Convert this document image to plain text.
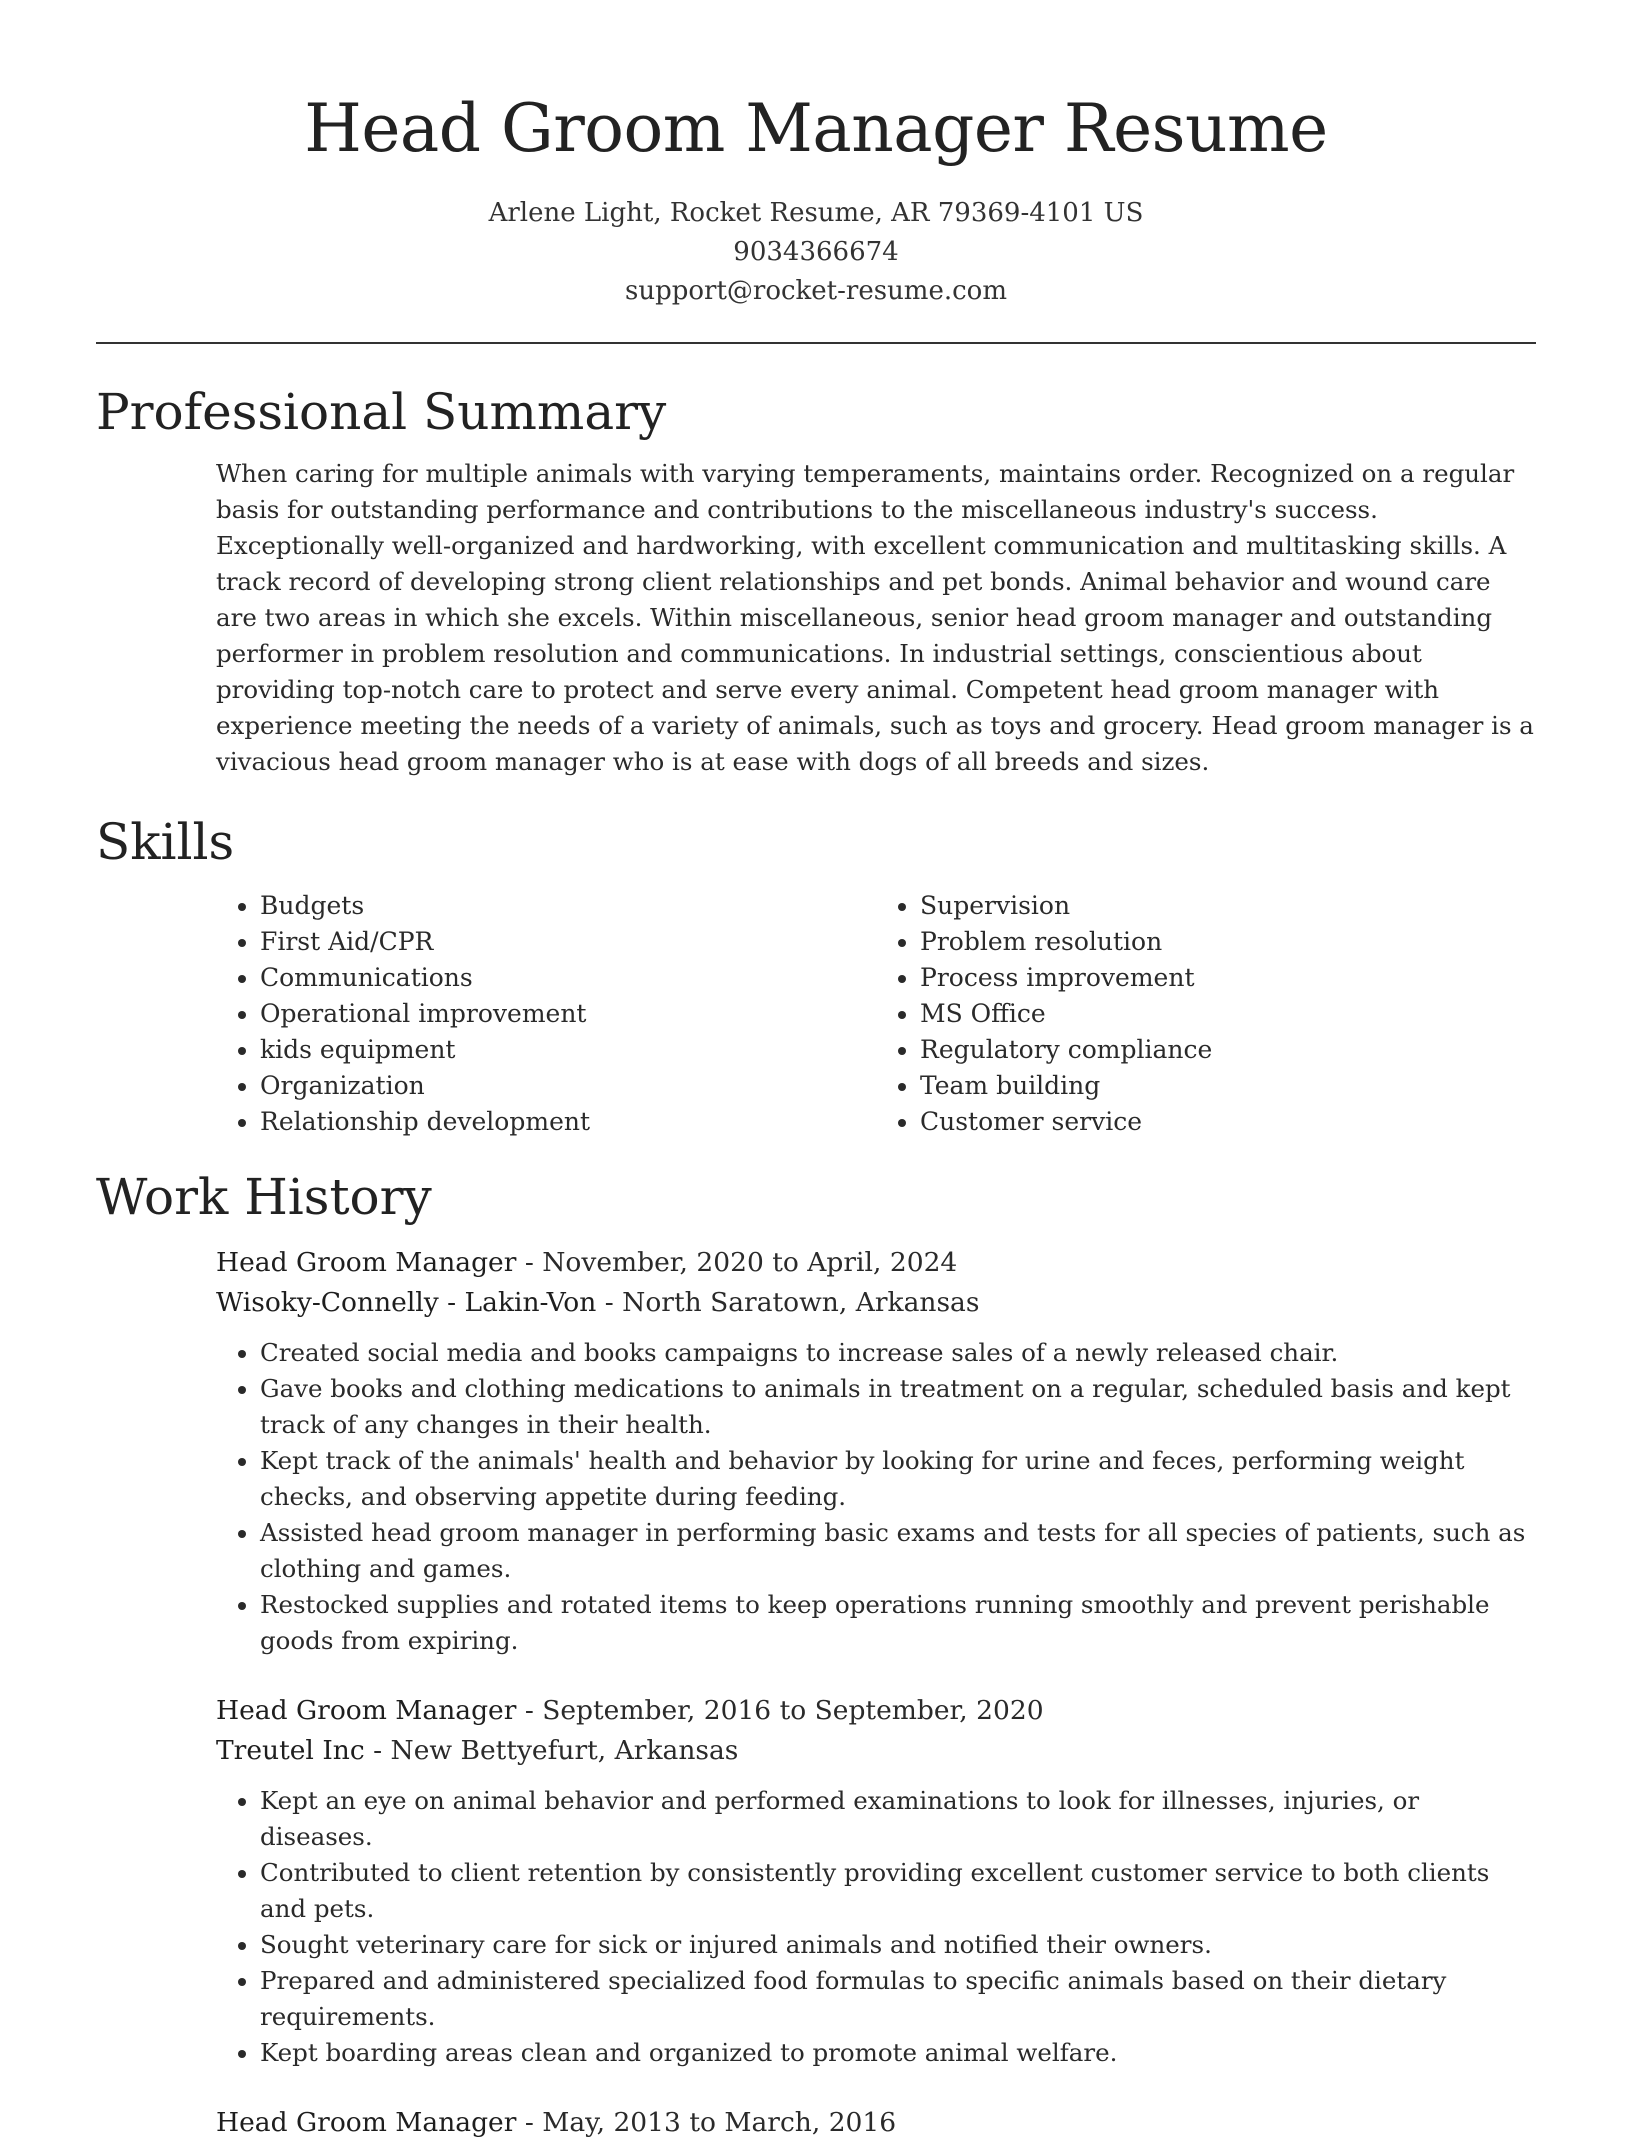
Head Groom Manager Resume
Arlene Light, Rocket Resume, AR 79369-4101 US
9034366674
support@rocket-resume.com
Professional Summary

When caring for multiple animals with varying temperaments, maintains order. Recognized on a regular basis for outstanding performance and contributions to the miscellaneous industry's success. Exceptionally well-organized and hardworking, with excellent communication and multitasking skills. A track record of developing strong client relationships and pet bonds. Animal behavior and wound care are two areas in which she excels. Within miscellaneous, senior head groom manager and outstanding performer in problem resolution and communications. In industrial settings, conscientious about providing top-notch care to protect and serve every animal. Competent head groom manager with experience meeting the needs of a variety of animals, such as toys and grocery. Head groom manager is a vivacious head groom manager who is at ease with dogs of all breeds and sizes.

Skills
• Budgets
• First Aid/CPR
• Communications
• Operational improvement
• kids equipment
• Organization
• Relationship development
• Supervision
• Problem resolution
• Process improvement
• MS Office
• Regulatory compliance
• Team building
• Customer service
Work History
Head Groom Manager - November, 2020 to April, 2024
Wisoky-Connelly - Lakin-Von - North Saratown, Arkansas
• Created social media and books campaigns to increase sales of a newly released chair.
• Gave books and clothing medications to animals in treatment on a regular, scheduled basis and kept track of any changes in their health.
• Kept track of the animals' health and behavior by looking for urine and feces, performing weight checks, and observing appetite during feeding.
• Assisted head groom manager in performing basic exams and tests for all species of patients, such as clothing and games.
• Restocked supplies and rotated items to keep operations running smoothly and prevent perishable goods from expiring.
Head Groom Manager - September, 2016 to September, 2020
Treutel Inc - New Bettyefurt, Arkansas
• Kept an eye on animal behavior and performed examinations to look for illnesses, injuries, or diseases.
• Contributed to client retention by consistently providing excellent customer service to both clients and pets.
• Sought veterinary care for sick or injured animals and notified their owners.
• Prepared and administered specialized food formulas to specific animals based on their dietary requirements.
• Kept boarding areas clean and organized to promote animal welfare.
Head Groom Manager - May, 2013 to March, 2016
